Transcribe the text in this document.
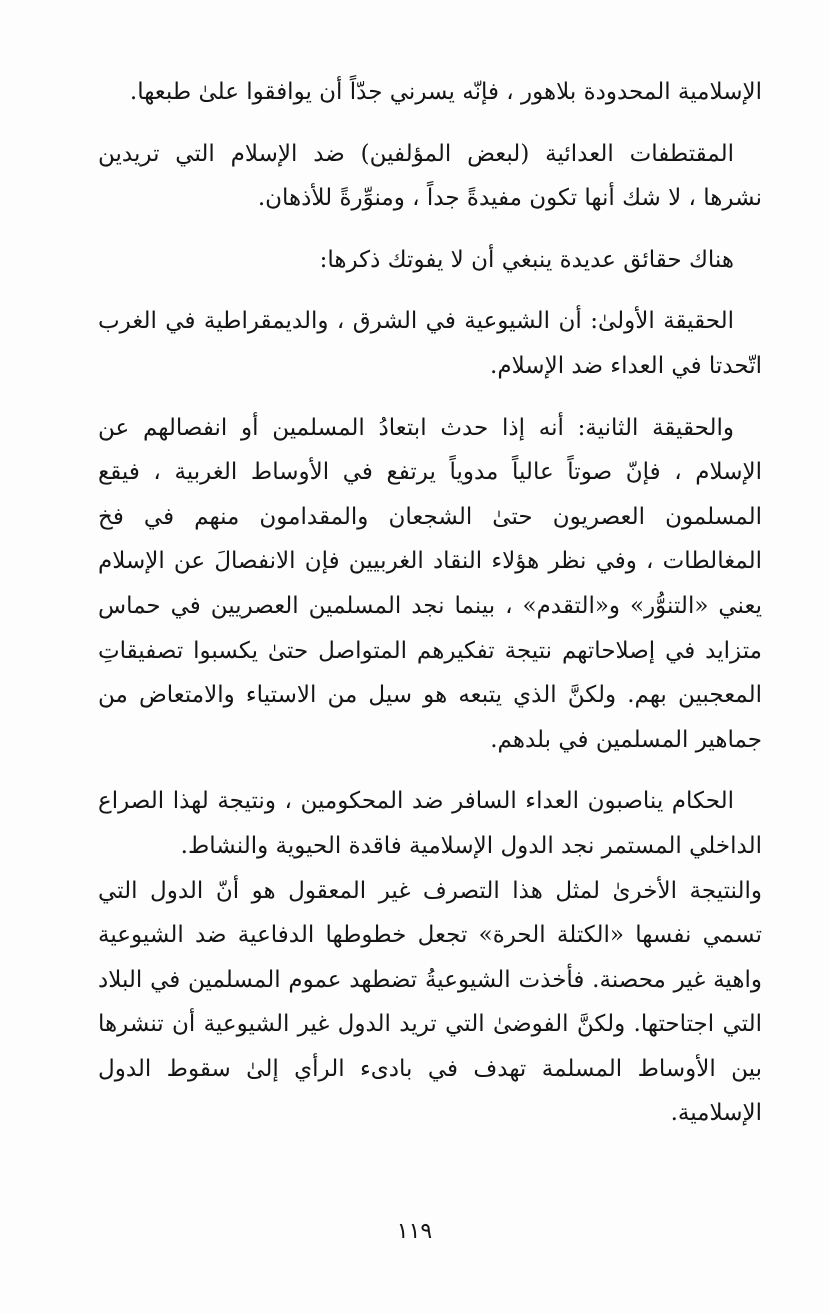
الإسلامية المحدودة بلاهور ، فإنّه يسرني جدّاً أن يوافقوا علىٰ طبعها.

المقتطفات العدائية (لبعض المؤلفين) ضد الإسلام التي تريدين نشرها ، لا شك أنها تكون مفيدةً جداً ، ومنوِّرةً للأذهان.

هناك حقائق عديدة ينبغي أن لا يفوتك ذكرها:

الحقيقة الأولىٰ: أن الشيوعية في الشرق ، والديمقراطية في الغرب اتّحدتا في العداء ضد الإسلام.

والحقيقة الثانية: أنه إذا حدث ابتعادُ المسلمين أو انفصالهم عن الإسلام ، فإنّ صوتاً عالياً مدوياً يرتفع في الأوساط الغربية ، فيقع المسلمون العصريون حتىٰ الشجعان والمقدامون منهم في فخ المغالطات ، وفي نظر هؤلاء النقاد الغربيين فإن الانفصالَ عن الإسلام يعني «التنوُّر» و«التقدم» ، بينما نجد المسلمين العصريين في حماس متزايد في إصلاحاتهم نتيجة تفكيرهم المتواصل حتىٰ يكسبوا تصفيقاتِ المعجبين بهم. ولكنَّ الذي يتبعه هو سيل من الاستياء والامتعاض من جماهير المسلمين في بلدهم.

الحكام يناصبون العداء السافر ضد المحكومين ، ونتيجة لهذا الصراع الداخلي المستمر نجد الدول الإسلامية فاقدة الحيوية والنشاط.

والنتيجة الأخرىٰ لمثل هذا التصرف غير المعقول هو أنّ الدول التي تسمي نفسها «الكتلة الحرة» تجعل خطوطها الدفاعية ضد الشيوعية واهية غير محصنة. فأخذت الشيوعيةُ تضطهد عموم المسلمين في البلاد التي اجتاحتها. ولكنَّ الفوضىٰ التي تريد الدول غير الشيوعية أن تنشرها بين الأوساط المسلمة تهدف في بادىء الرأي إلىٰ سقوط الدول الإسلامية.

١١٩
